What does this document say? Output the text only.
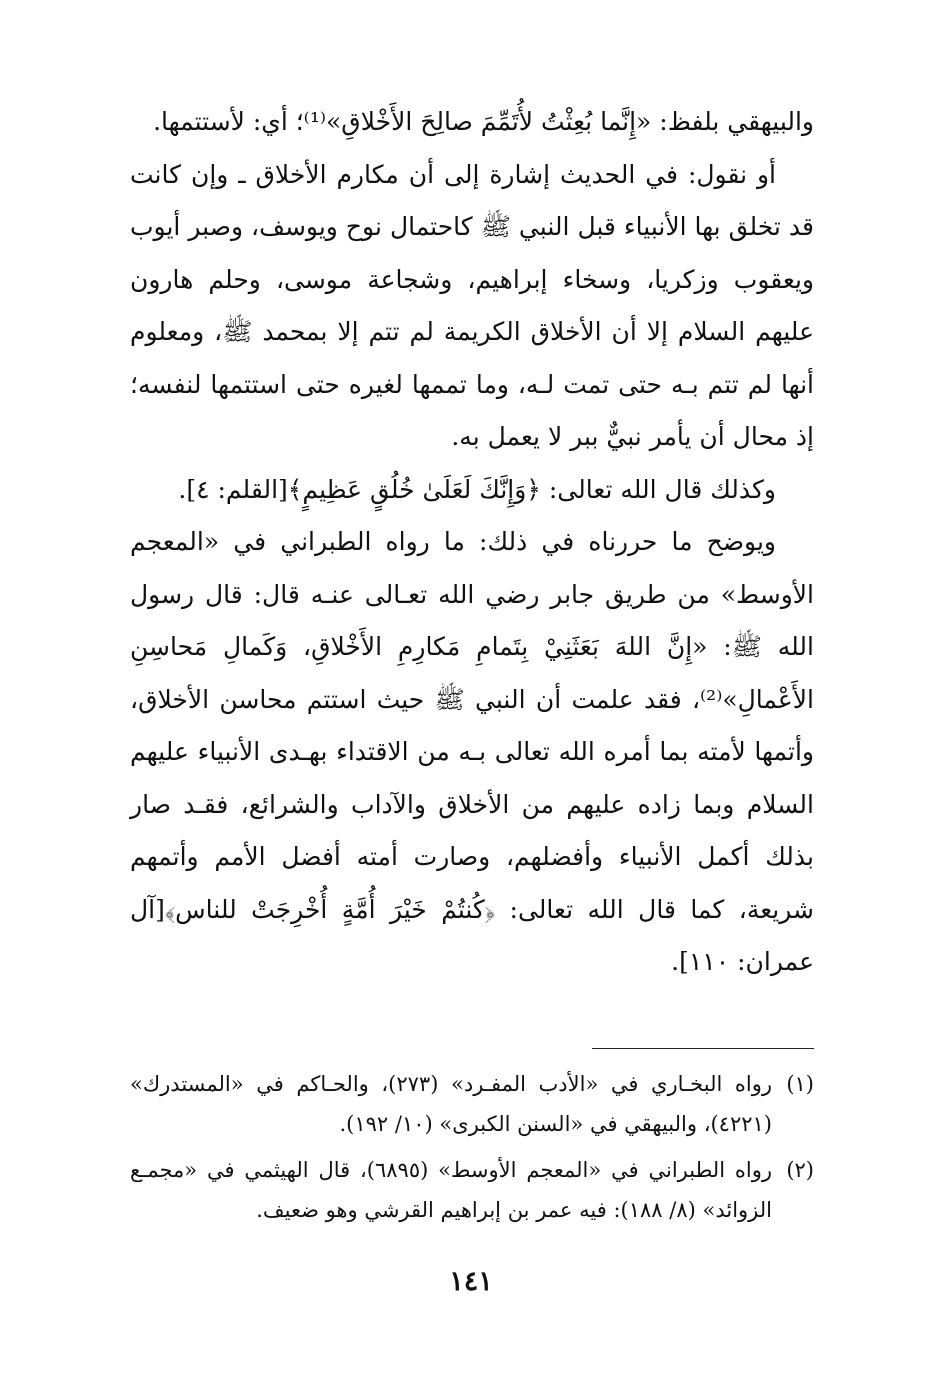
والبيهقي بلفظ: «إِنَّما بُعِثْتُ لأُتَمِّمَ صالِحَ الأَخْلاقِ»⁽¹⁾؛ أي: لأستتمها.

أو نقول: في الحديث إشارة إلى أن مكارم الأخلاق ـ وإن كانت قد تخلق بها الأنبياء قبل النبي ﷺ كاحتمال نوح ويوسف، وصبر أيوب ويعقوب وزكريا، وسخاء إبراهيم، وشجاعة موسى، وحلم هارون عليهم السلام إلا أن الأخلاق الكريمة لم تتم إلا بمحمد ﷺ، ومعلوم أنها لم تتم بـه حتى تمت لـه، وما تممها لغيره حتى استتمها لنفسه؛ إذ محال أن يأمر نبيٌّ ببر لا يعمل به.

وكذلك قال الله تعالى: ﴿وَإِنَّكَ لَعَلَىٰ خُلُقٍ عَظِيمٍ﴾[القلم: ٤].

ويوضح ما حررناه في ذلك: ما رواه الطبراني في «المعجم الأوسط» من طريق جابر رضي الله تعـالى عنـه قال: قال رسول الله ﷺ: «إِنَّ اللهَ بَعَثَنِيْ بِتَمامِ مَكارِمِ الأَخْلاقِ، وَكَمالِ مَحاسِنِ الأَعْمالِ»⁽²⁾، فقد علمت أن النبي ﷺ حيث استتم محاسن الأخلاق، وأتمها لأمته بما أمره الله تعالى بـه من الاقتداء بهـدى الأنبياء عليهم السلام وبما زاده عليهم من الأخلاق والآداب والشرائع، فقـد صار بذلك أكمل الأنبياء وأفضلهم، وصارت أمته أفضل الأمم وأتمهم شريعة، كما قال الله تعالى: ﴿كُنتُمْ خَيْرَ أُمَّةٍ أُخْرِجَتْ للناس﴾[آل عمران: ١١٠].

(١)
رواه البخـاري في «الأدب المفـرد» (٢٧٣)، والحـاكم في «المستدرك» (٤٢٢١)، والبيهقي في «السنن الكبرى» (١٠/ ١٩٢).

(٢)
رواه الطبراني في «المعجم الأوسط» (٦٨٩٥)، قال الهيثمي في «مجمـع الزوائد» (٨/ ١٨٨): فيه عمر بن إبراهيم القرشي وهو ضعيف.

١٤١
